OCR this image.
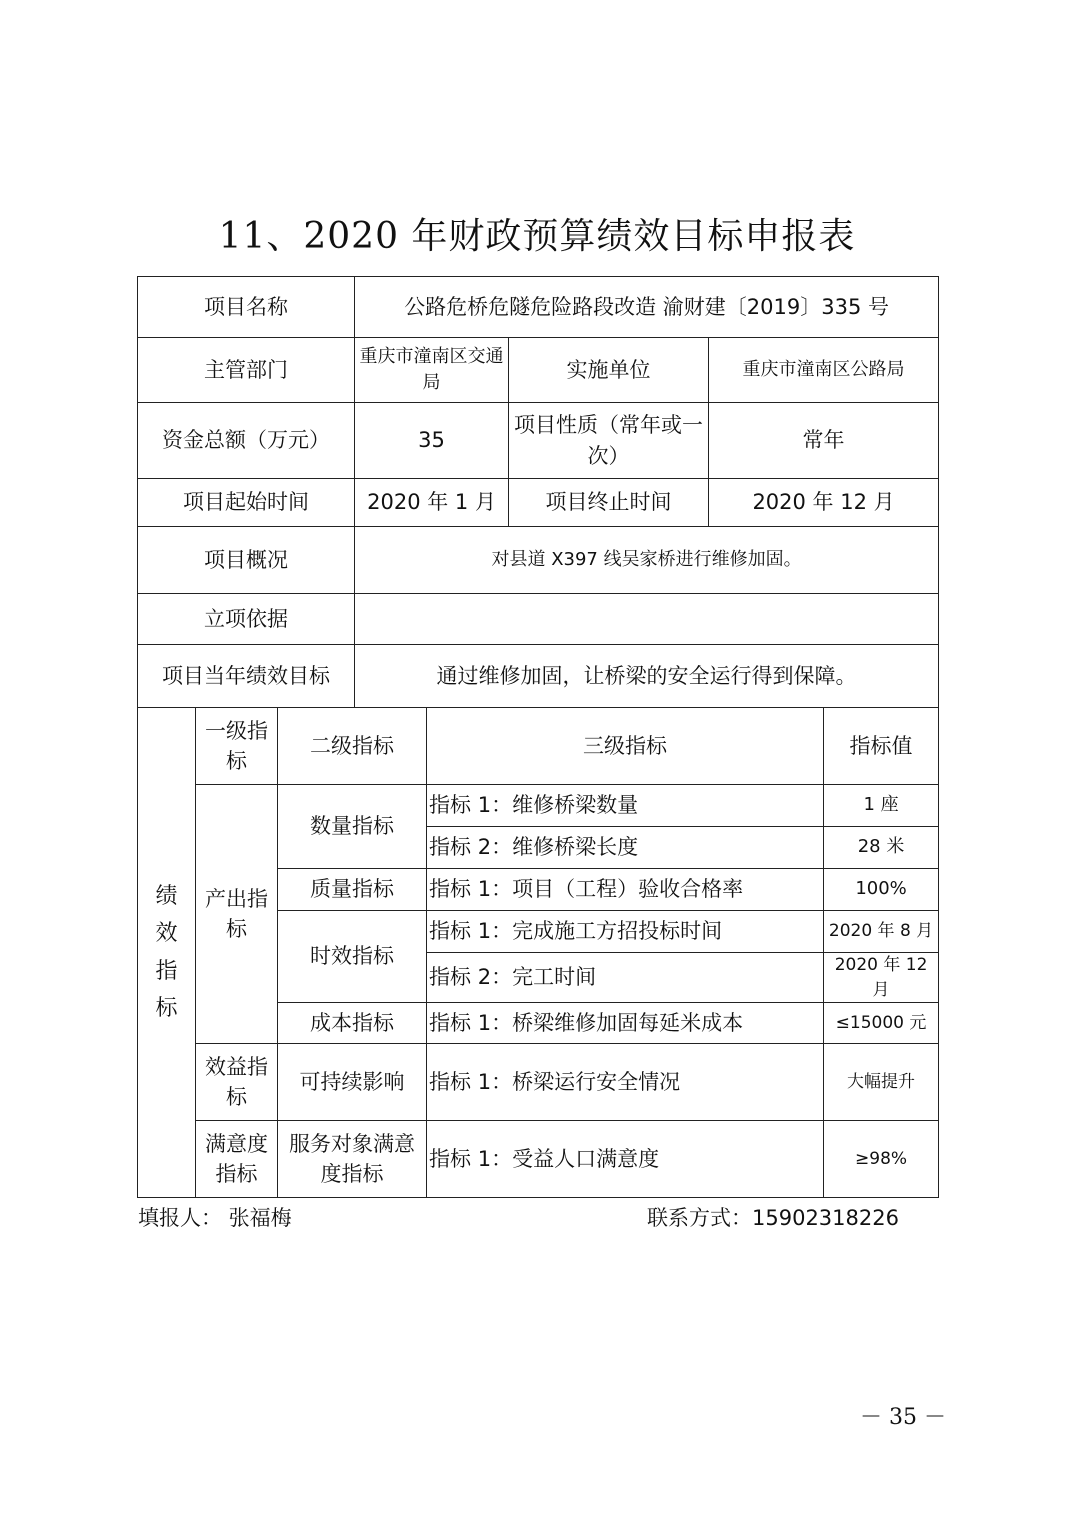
11、2020 年财政预算绩效目标申报表
项目名称			公路危桥危隧危险路段改造 渝财建〔2019〕335 号				
主管部门			重庆市潼南区交通局		实施单位	重庆市潼南区公路局	
资金总额（万元）			35		项目性质（常年或一次）	常年	
项目起始时间			2020 年 1 月		项目终止时间	2020 年 12 月	
项目概况			对县道 X397 线吴家桥进行维修加固。				
立项依据							
项目当年绩效目标			通过维修加固，让桥梁的安全运行得到保障。				
绩效指标	一级指标	二级指标		三级指标			指标值
	产出指标	数量指标		指标 1：维修桥梁数量			1 座
				指标 2：维修桥梁长度			28 米
		质量指标		指标 1：项目（工程）验收合格率			100%
		时效指标		指标 1：完成施工方招投标时间			2020 年 8 月
				指标 2：完工时间			2020 年 12 月
		成本指标		指标 1：桥梁维修加固每延米成本			≤15000 元
	效益指标	可持续影响		指标 1：桥梁运行安全情况			大幅提升
	满意度指标	服务对象满意度指标		指标 1：受益人口满意度			≥98%
填报人： 张福梅	联系方式：15902318226
－ 35 －
